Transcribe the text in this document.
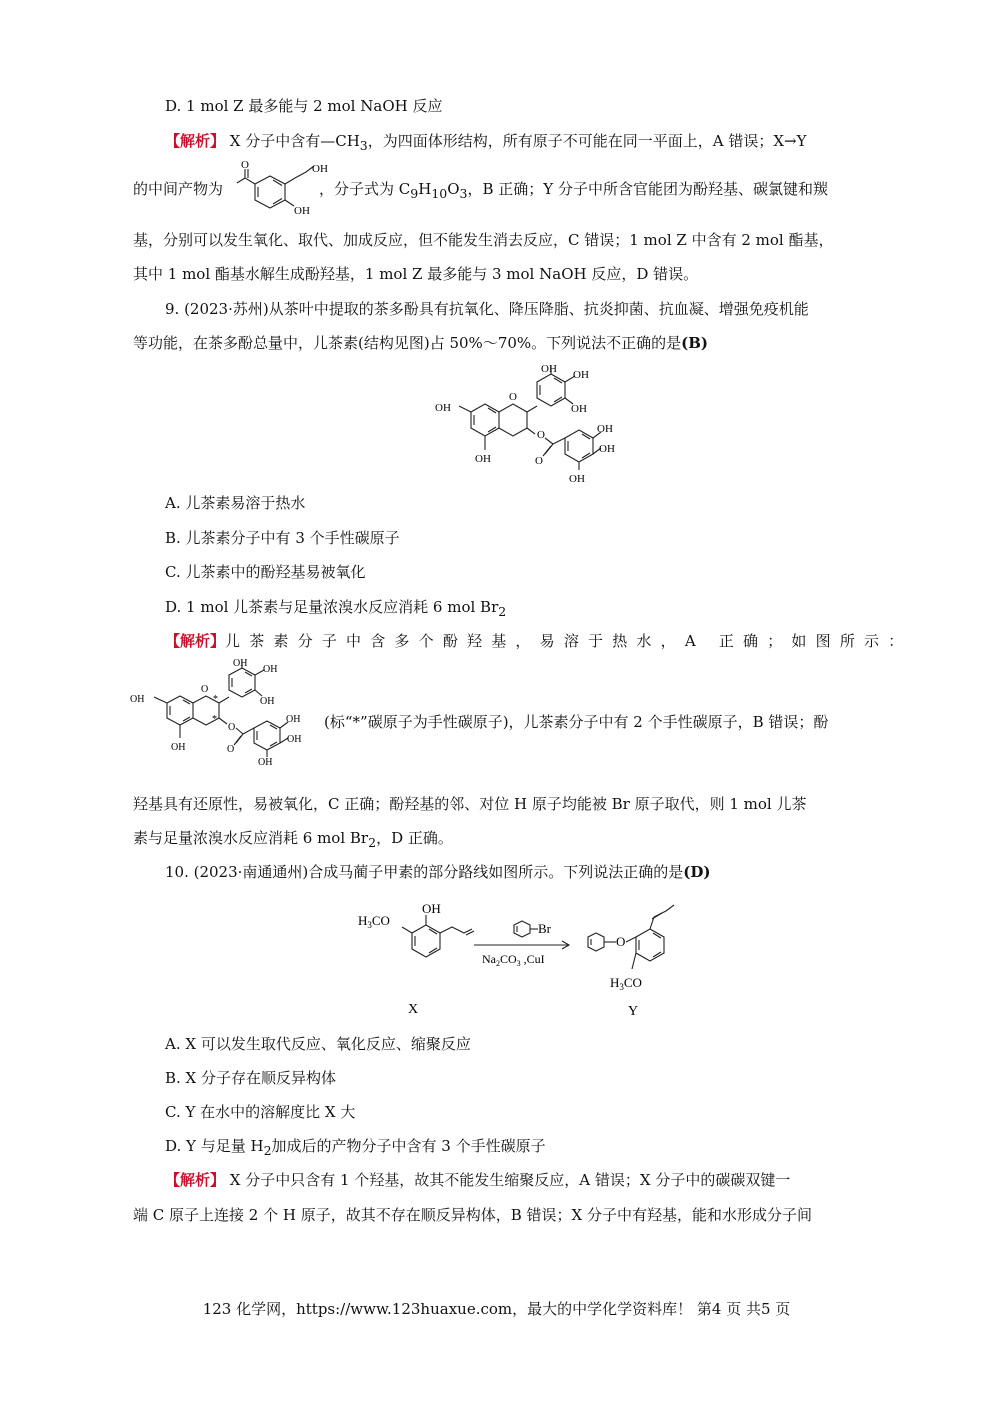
D. 1 mol Z 最多能与 2 mol NaOH 反应
【解析】 X 分子中含有$—CH_3$，为四面体形结构，所有原子不可能在同一平面上，A 错误；X→Y
O	OH
OH
的中间产物为	，分子式为 $C_9H_{10}O_3$，B 正确；Y 分子中所含官能团为酚羟基、碳氯键和羰
基，分别可以发生氧化、取代、加成反应，但不能发生消去反应，C 错误；1 mol Z 中含有 2 mol 酯基，
其中 1 mol 酯基水解生成酚羟基，1 mol Z 最多能与 3 mol NaOH 反应，D 错误。
9. (2023·苏州)从茶叶中提取的茶多酚具有抗氧化、降压降脂、抗炎抑菌、抗血凝、增强免疫机能
等功能，在茶多酚总量中，儿茶素(结构见图)占 50%～70%。下列说法不正确的是(B)
O
O
O
OH OH
OH
OH
OH
OH
OH
OH
A. 儿茶素易溶于热水
B. 儿茶素分子中有 3 个手性碳原子
C. 儿茶素中的酚羟基易被氧化
D. 1 mol 儿茶素与足量浓溴水反应消耗 6 mol $Br_2$
【解析】 儿茶素分子中含多个酚羟基，易溶于热水，A 正确；如图所示：
O
*
*
O
O
OH
OH
OH
OH
OH
OH
OH
OH
(标“*”碳原子为手性碳原子)，儿茶素分子中有 2 个手性碳原子，B 错误；酚
羟基具有还原性，易被氧化，C 正确；酚羟基的邻、对位 H 原子均能被 Br 原子取代，则 1 mol 儿茶
素与足量浓溴水反应消耗 6 mol $Br_2$，D 正确。
10. (2023·南通通州)合成马蔺子甲素的部分路线如图所示。下列说法正确的是(D)
OH
$H_3CO$
Br
$Na_2CO_3$ ,CuI
O
$H_3CO$
X	Y
A. X 可以发生取代反应、氧化反应、缩聚反应
B. X 分子存在顺反异构体
C. Y 在水中的溶解度比 X 大
D. Y 与足量 $H_2$加成后的产物分子中含有 3 个手性碳原子
【解析】 X 分子中只含有 1 个羟基，故其不能发生缩聚反应，A 错误；X 分子中的碳碳双键一
端 C 原子上连接 2 个 H 原子，故其不存在顺反异构体，B 错误；X 分子中有羟基，能和水形成分子间
123 化学网，https://www.123huaxue.com，最大的中学化学资料库！ 第4 页 共5 页
